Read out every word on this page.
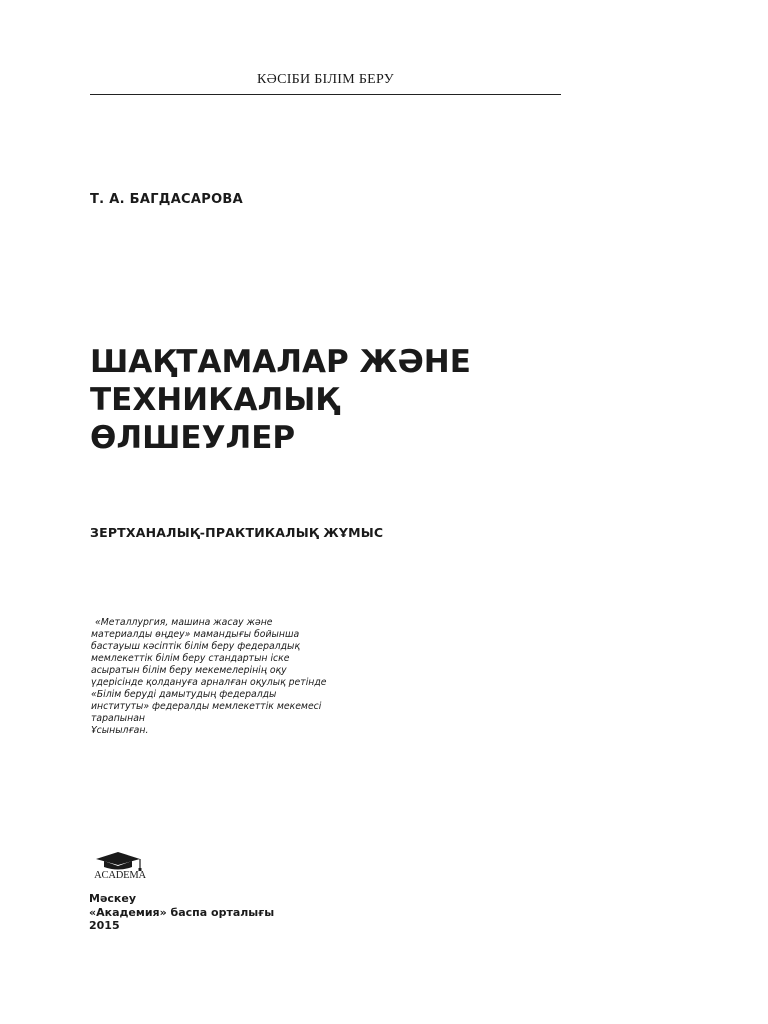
КӘСІБИ БІЛІМ БЕРУ
Т. А. БАГДАСАРОВА
ШАҚТАМАЛАР ЖӘНЕ
ТЕХНИКАЛЫҚ
ӨЛШЕУЛЕР
ЗЕРТХАНАЛЫҚ-ПРАКТИКАЛЫҚ ЖҰМЫС
«Металлургия, машина жасау және
материалды өңдеу» мамандығы бойынша
бастауыш кәсіптік білім беру федералдық
мемлекеттік білім беру стандартын іске
асыратын білім беру мекемелерінің оқу
үдерісінде қолдануға арналған оқулық ретінде
«Білім беруді дамытудың федералды
институты» федералды мемлекеттік мекемесі
тарапынан
Ұсынылған.
ACADEMA
Мәскеу
«Академия» баспа орталығы
2015
